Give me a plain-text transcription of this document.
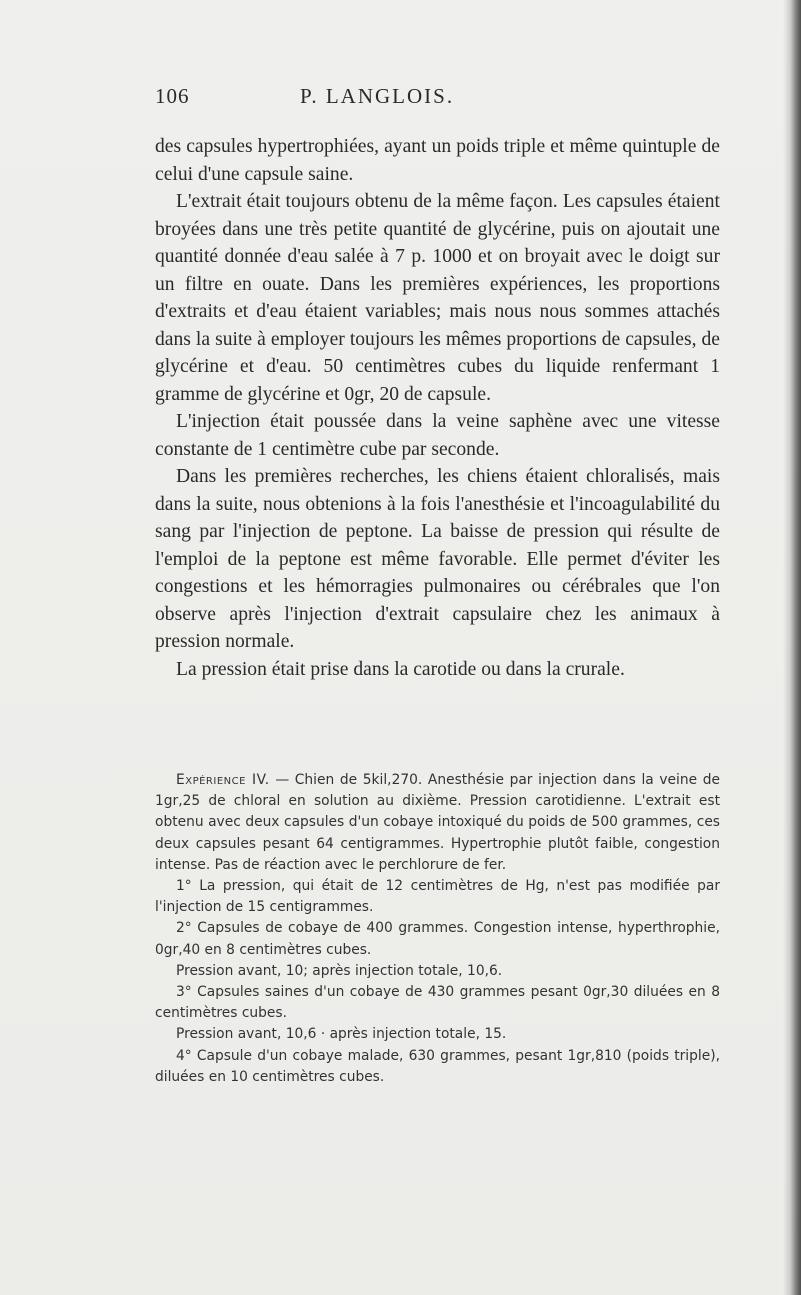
106	P. LANGLOIS.

des capsules hypertrophiées, ayant un poids triple et même quintuple de celui d'une capsule saine.

L'extrait était toujours obtenu de la même façon. Les capsules étaient broyées dans une très petite quantité de glycérine, puis on ajoutait une quantité donnée d'eau salée à 7 p. 1000 et on broyait avec le doigt sur un filtre en ouate. Dans les premières expériences, les proportions d'extraits et d'eau étaient variables; mais nous nous sommes attachés dans la suite à employer toujours les mêmes proportions de capsules, de glycérine et d'eau. 50 centimètres cubes du liquide renfermant 1 gramme de glycérine et 0gr, 20 de capsule.

L'injection était poussée dans la veine saphène avec une vitesse constante de 1 centimètre cube par seconde.

Dans les premières recherches, les chiens étaient chloralisés, mais dans la suite, nous obtenions à la fois l'anesthésie et l'incoagulabilité du sang par l'injection de peptone. La baisse de pression qui résulte de l'emploi de la peptone est même favorable. Elle permet d'éviter les congestions et les hémorragies pulmonaires ou cérébrales que l'on observe après l'injection d'extrait capsulaire chez les animaux à pression normale.

La pression était prise dans la carotide ou dans la crurale.

Expérience IV. — Chien de 5kil,270. Anesthésie par injection dans la veine de 1gr,25 de chloral en solution au dixième. Pression carotidienne. L'extrait est obtenu avec deux capsules d'un cobaye intoxiqué du poids de 500 grammes, ces deux capsules pesant 64 centigrammes. Hypertrophie plutôt faible, congestion intense. Pas de réaction avec le perchlorure de fer.

1° La pression, qui était de 12 centimètres de Hg, n'est pas modifiée par l'injection de 15 centigrammes.

2° Capsules de cobaye de 400 grammes. Congestion intense, hyperthrophie, 0gr,40 en 8 centimètres cubes.

Pression avant, 10; après injection totale, 10,6.

3° Capsules saines d'un cobaye de 430 grammes pesant 0gr,30 diluées en 8 centimètres cubes.

Pression avant, 10,6 · après injection totale, 15.

4° Capsule d'un cobaye malade, 630 grammes, pesant 1gr,810 (poids triple), diluées en 10 centimètres cubes.
